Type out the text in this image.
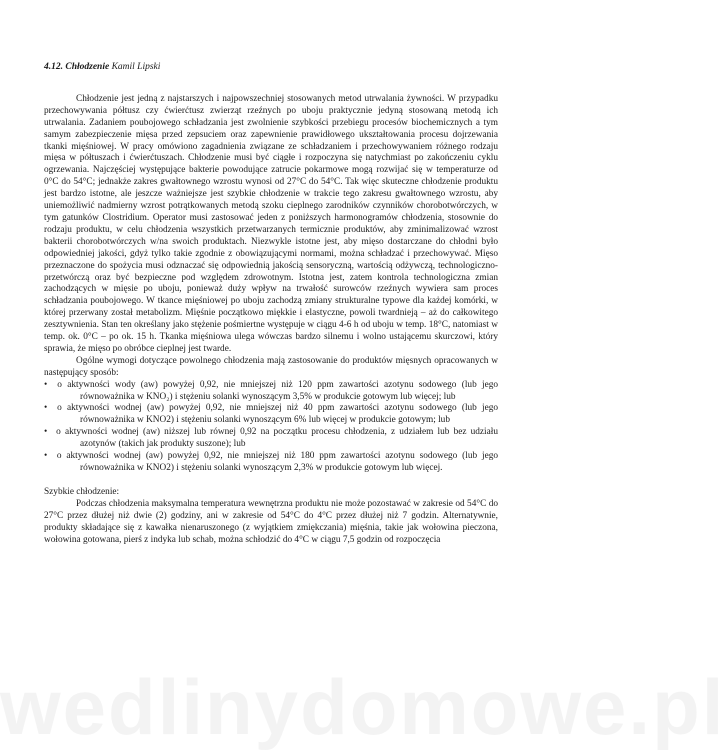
4.12. Chłodzenie Kamil Lipski

Chłodzenie jest jedną z najstarszych i najpowszechniej stosowanych metod utrwalania żywności. W przypadku przechowywania półtusz czy ćwierćtusz zwierząt rzeźnych po uboju praktycznie jedyną stosowaną metodą ich utrwalania. Zadaniem poubojowego schładzania jest zwolnienie szybkości przebiegu procesów biochemicznych a tym samym zabezpieczenie mięsa przed zepsuciem oraz zapewnienie prawidłowego ukształtowania procesu dojrzewania tkanki mięśniowej. W pracy omówiono zagadnienia związane ze schładzaniem i przechowywaniem różnego rodzaju mięsa w półtuszach i ćwierćtuszach. Chłodzenie musi być ciągłe i rozpoczyna się natychmiast po zakończeniu cyklu ogrzewania. Najczęściej występujące bakterie powodujące zatrucie pokarmowe mogą rozwijać się w temperaturze od 0°C do 54°C; jednakże zakres gwałtownego wzrostu wynosi od 27°C do 54°C. Tak więc skuteczne chłodzenie produktu jest bardzo istotne, ale jeszcze ważniejsze jest szybkie chłodzenie w trakcie tego zakresu gwałtownego wzrostu, aby uniemożliwić nadmierny wzrost potrątkowanych metodą szoku cieplnego zarodników czynników chorobotwórczych, w tym gatunków Clostridium. Operator musi zastosować jeden z poniższych harmonogramów chłodzenia, stosownie do rodzaju produktu, w celu chłodzenia wszystkich przetwarzanych termicznie produktów, aby zminimalizować wzrost bakterii chorobotwórczych w/na swoich produktach. Niezwykle istotne jest, aby mięso dostarczane do chłodni było odpowiedniej jakości, gdyż tylko takie zgodnie z obowiązującymi normami, można schładzać i przechowywać. Mięso przeznaczone do spożycia musi odznaczać się odpowiednią jakością sensoryczną, wartością odżywczą, technologiczno-przetwórczą oraz być bezpieczne pod względem zdrowotnym. Istotna jest, zatem kontrola technologiczna zmian zachodzących w mięsie po uboju, ponieważ duży wpływ na trwałość surowców rzeźnych wywiera sam proces schładzania poubojowego. W tkance mięśniowej po uboju zachodzą zmiany strukturalne typowe dla każdej komórki, w której przerwany został metabolizm. Mięśnie początkowo miękkie i elastyczne, powoli twardnieją – aż do całkowitego zesztywnienia. Stan ten określany jako stężenie pośmiertne występuje w ciągu 4-6 h od uboju w temp. 18°C, natomiast w temp. ok. 0°C – po ok. 15 h. Tkanka mięśniowa ulega wówczas bardzo silnemu i wolno ustającemu skurczowi, który sprawia, że mięso po obróbce cieplnej jest twarde.

Ogólne wymogi dotyczące powolnego chłodzenia mają zastosowanie do produktów mięsnych opracowanych w następujący sposób:

• o aktywności wody (aw) powyżej 0,92, nie mniejszej niż 120 ppm zawartości azotynu sodowego (lub jego równoważnika w KNO₂) i stężeniu solanki wynoszącym 3,5% w produkcie gotowym lub więcej; lub
• o aktywności wodnej (aw) powyżej 0,92, nie mniejszej niż 40 ppm zawartości azotynu sodowego (lub jego równoważnika w KNO2) i stężeniu solanki wynoszącym 6% lub więcej w produkcie gotowym; lub
• o aktywności wodnej (aw) niższej lub równej 0,92 na początku procesu chłodzenia, z udziałem lub bez udziału azotynów (takich jak produkty suszone); lub
• o aktywności wodnej (aw) powyżej 0,92, nie mniejszej niż 180 ppm zawartości azotynu sodowego (lub jego równoważnika w KNO2) i stężeniu solanki wynoszącym 2,3% w produkcie gotowym lub więcej.

Szybkie chłodzenie:

Podczas chłodzenia maksymalna temperatura wewnętrzna produktu nie może pozostawać w zakresie od 54°C do 27°C przez dłużej niż dwie (2) godziny, ani w zakresie od 54°C do 4°C przez dłużej niż 7 godzin. Alternatywnie, produkty składające się z kawałka nienaruszonego (z wyjątkiem zmiękczania) mięśnia, takie jak wołowina pieczona, wołowina gotowana, pierś z indyka lub schab, można schłodzić do 4°C w ciągu 7,5 godzin od rozpoczęcia

wedlinydomowe.pl
